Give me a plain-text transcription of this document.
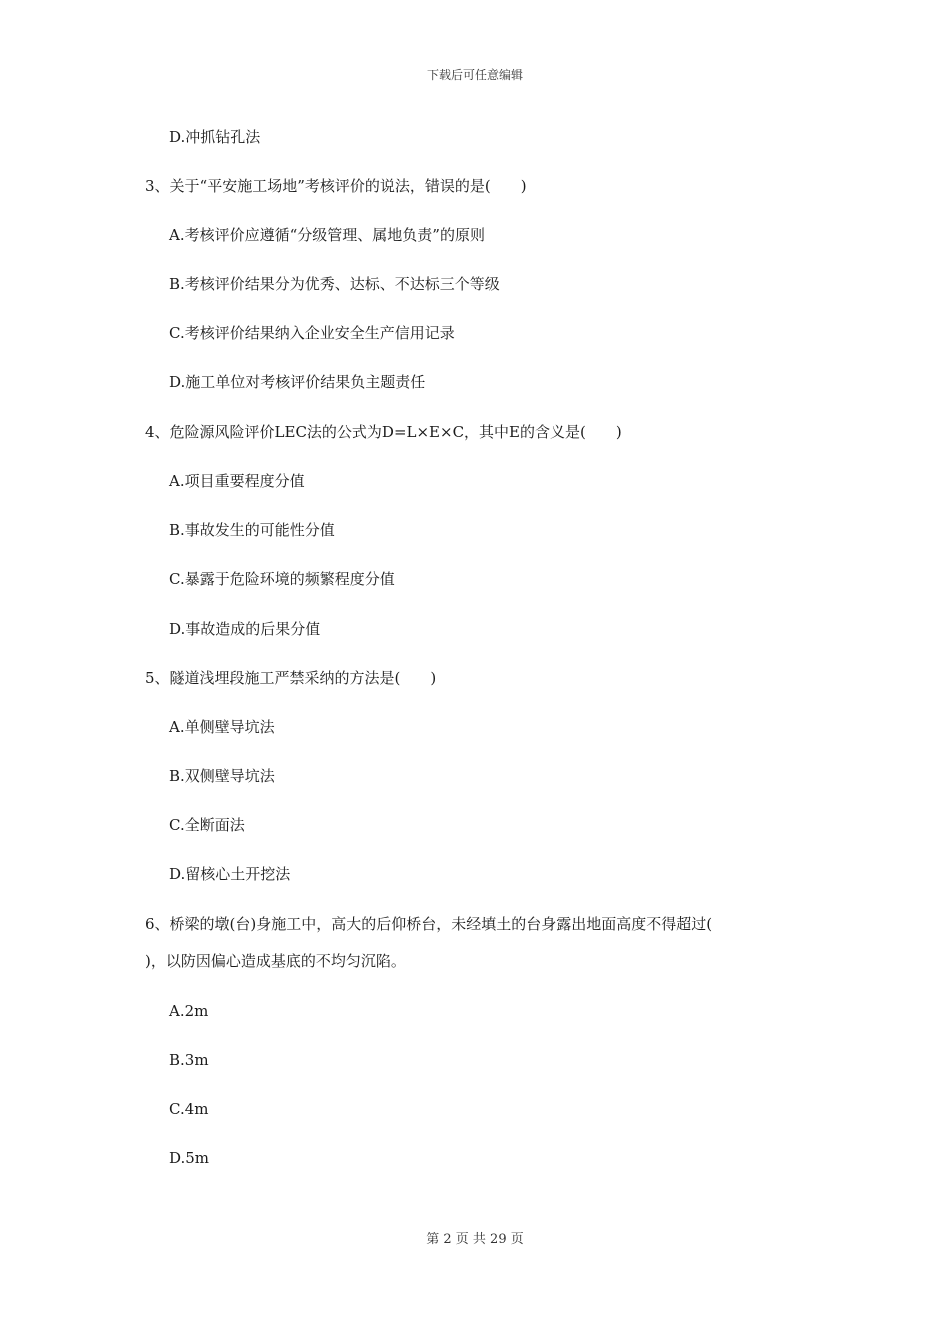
下载后可任意编辑
D.冲抓钻孔法
3、关于“平安施工场地”考核评价的说法，错误的是(　　)
A.考核评价应遵循“分级管理、属地负责”的原则
B.考核评价结果分为优秀、达标、不达标三个等级
C.考核评价结果纳入企业安全生产信用记录
D.施工单位对考核评价结果负主题责任
4、危险源风险评价LEC法的公式为D=L×E×C，其中E的含义是(　　)
A.项目重要程度分值
B.事故发生的可能性分值
C.暴露于危险环境的频繁程度分值
D.事故造成的后果分值
5、隧道浅埋段施工严禁采纳的方法是(　　)
A.单侧壁导坑法
B.双侧壁导坑法
C.全断面法
D.留核心土开挖法
6、桥梁的墩(台)身施工中，高大的后仰桥台，未经填土的台身露出地面高度不得超过(
)，以防因偏心造成基底的不均匀沉陷。
A.2m
B.3m
C.4m
D.5m
第 2 页 共 29 页
